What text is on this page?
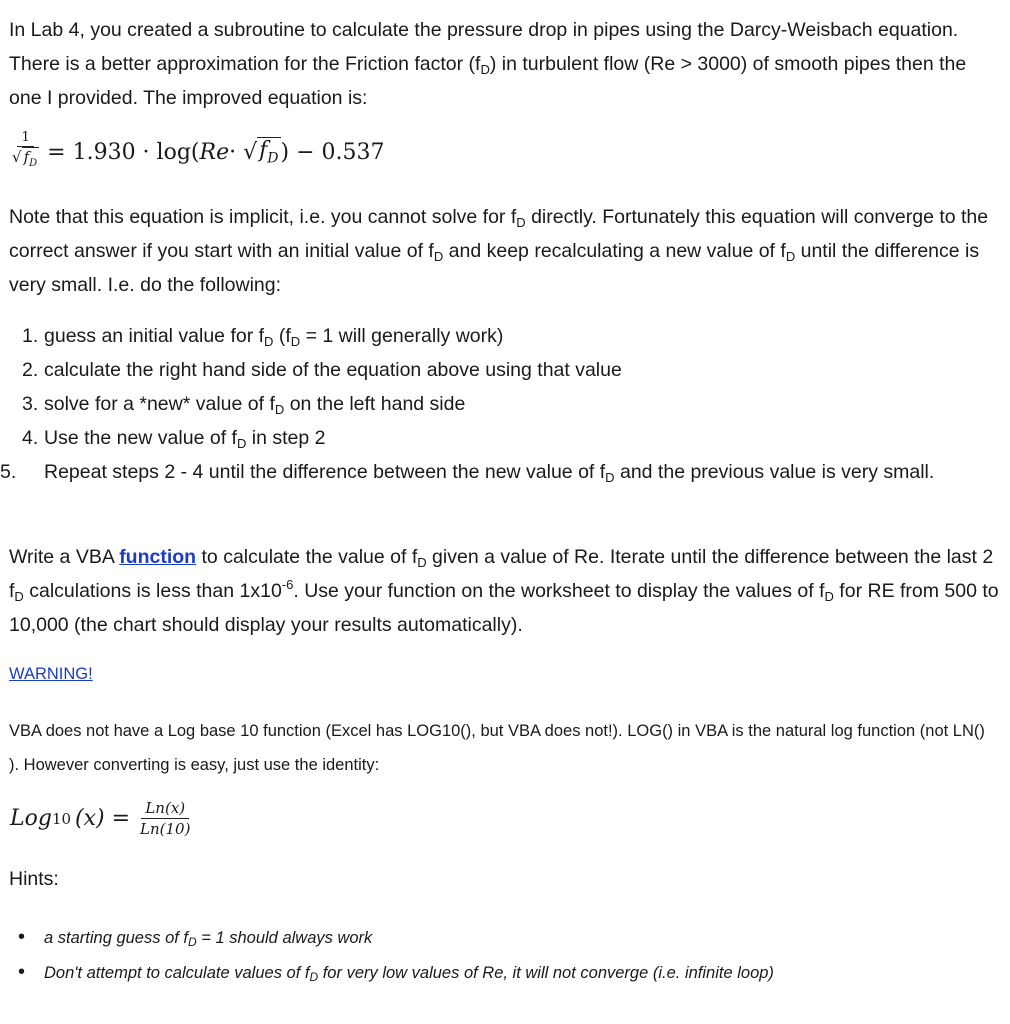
In Lab 4, you created a subroutine to calculate the pressure drop in pipes using the Darcy-Weisbach equation. There is a better approximation for the Friction factor $(f_D)$ in turbulent flow (Re > 3000) of smooth pipes then the one I provided. The improved equation is:

$\frac{1}{√ f_D} = 1.930 \cdot \log$( Re · √ $f_D$ ) − 0.537

Note that this equation is implicit, i.e. you cannot solve for $f_D$ directly. Fortunately this equation will converge to the correct answer if you start with an initial value of $f_D$ and keep recalculating a new value of $f_D$ until the difference is very small. I.e. do the following:

1. guess an initial value for $f_D$ ($f_D = 1$ will generally work)
2. calculate the right hand side of the equation above using that value
3. solve for a *new* value of $f_D$ on the left hand side
4. Use the new value of $f_D$ in step 2
5. Repeat steps 2 - 4 until the difference between the new value of $f_D$ and the previous value is very small.

Write a VBA function to calculate the value of $f_D$ given a value of Re. Iterate until the difference between the last 2 $f_D$ calculations is less than $1x10^{-6}$. Use your function on the worksheet to display the values of $f_D$ for RE from 500 to 10,000 (the chart should display your results automatically).

WARNING!

VBA does not have a Log base 10 function (Excel has LOG10(), but VBA does not!). LOG() in VBA is the natural log function (not LN() ). However converting is easy, just use the identity:

Log 10 $(x) = \frac{Ln(x)}{Ln(10)}$
Hints:
• a starting guess of $f_D = 1$ should always work
• Don't attempt to calculate values of $f_D$ for very low values of Re, it will not converge (i.e. infinite loop)
